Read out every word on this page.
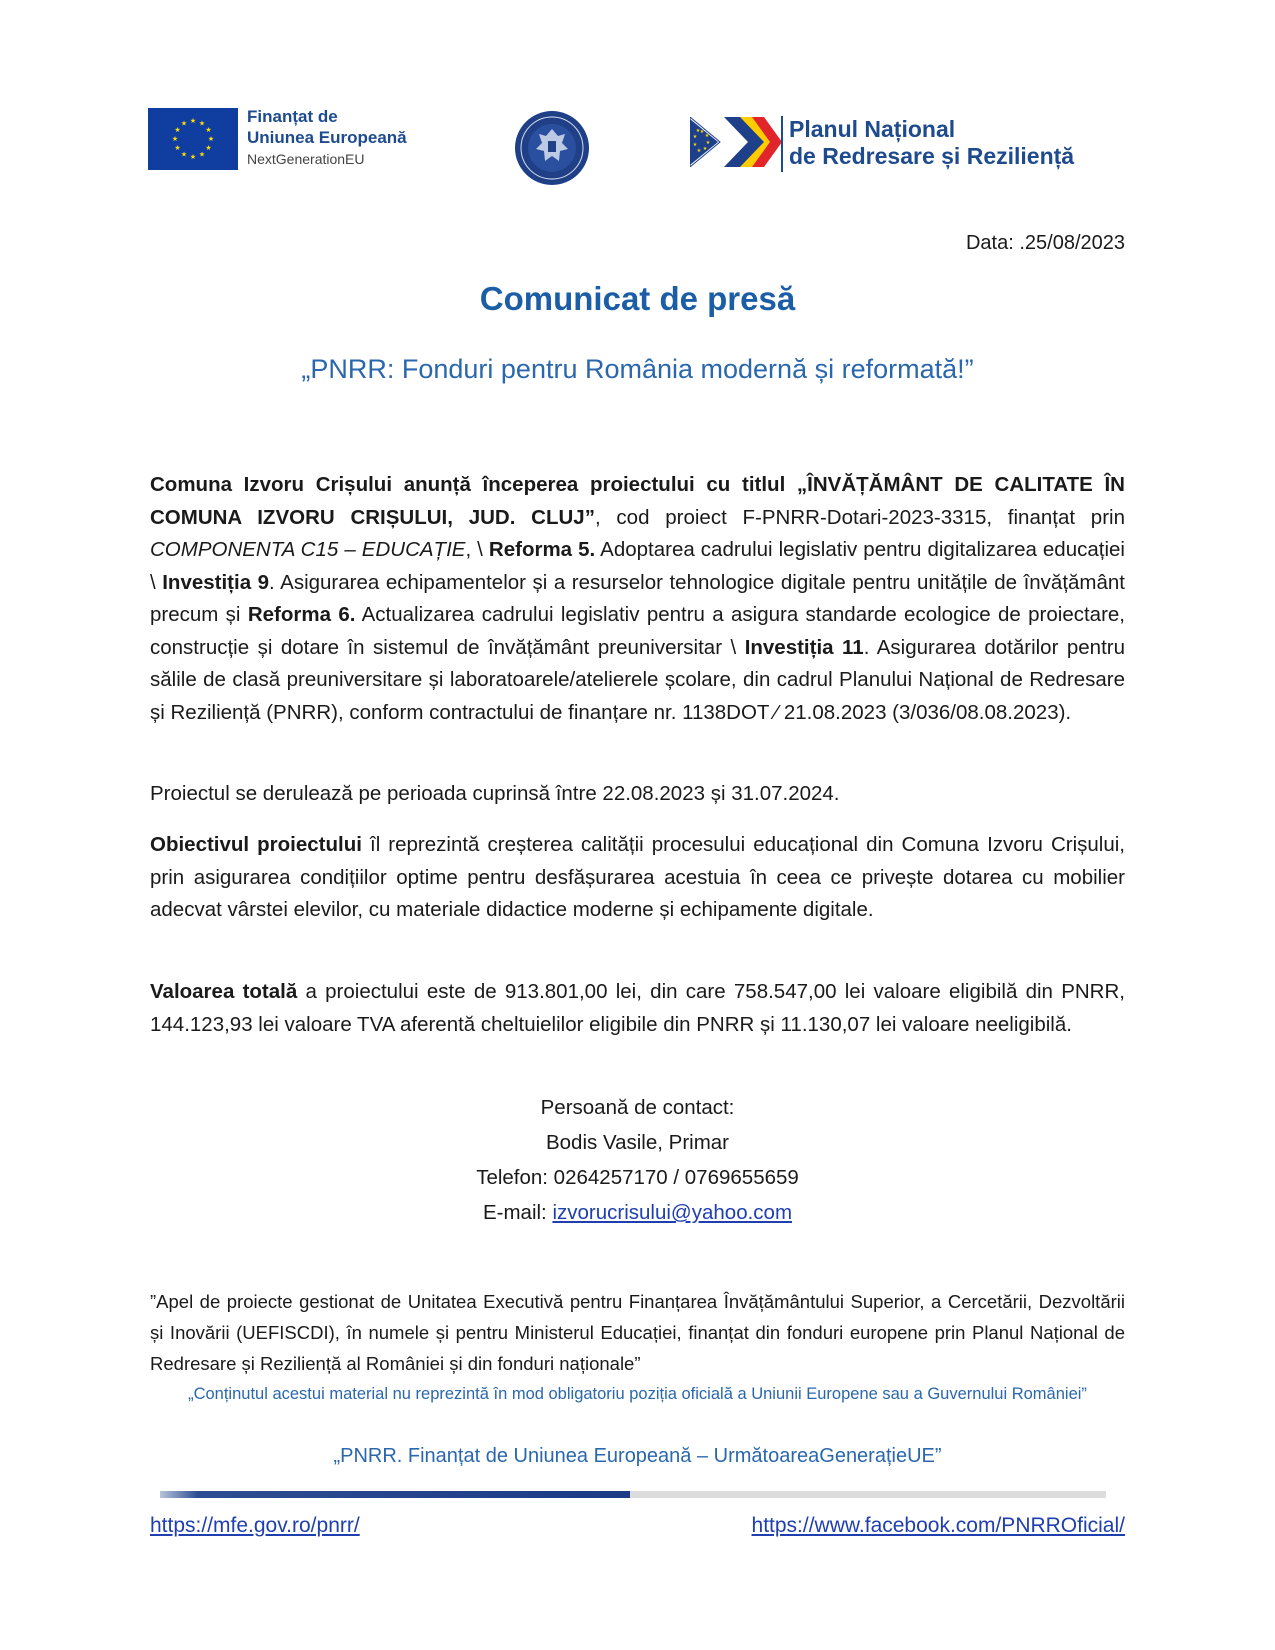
★ ★
★
★
★
★
★
★
★
★
★
★	Finanțat de
Uniunea Europeană
NextGenerationEU
★
★
★
★
★
★
★
★	Planul Național
de Redresare și Reziliență
Data: .25/08/2023
Comunicat de presă
„PNRR: Fonduri pentru România modernă și reformată!”

Comuna Izvoru Crișului anunță începerea proiectului cu titlul „ÎNVĂȚĂMÂNT DE CALITATE ÎN COMUNA IZVORU CRIȘULUI, JUD. CLUJ”, cod proiect F-PNRR-Dotari-2023-3315, finanțat prin COMPONENTA C15 – EDUCAȚIE, \ Reforma 5. Adoptarea cadrului legislativ pentru digitalizarea educației \ Investiția 9. Asigurarea echipamentelor și a resurselor tehnologice digitale pentru unitățile de învățământ precum și Reforma 6. Actualizarea cadrului legislativ pentru a asigura standarde ecologice de proiectare, construcție și dotare în sistemul de învățământ preuniversitar \ Investiția 11. Asigurarea dotărilor pentru sălile de clasă preuniversitare și laboratoarele/atelierele școlare, din cadrul Planului Național de Redresare și Reziliență (PNRR), conform contractului de finanțare nr. 1138DOT ⁄ 21.08.2023 (3/036/08.08.2023).

Proiectul se derulează pe perioada cuprinsă între 22.08.2023 și 31.07.2024.

Obiectivul proiectului îl reprezintă creșterea calității procesului educațional din Comuna Izvoru Crișului, prin asigurarea condițiilor optime pentru desfășurarea acestuia în ceea ce privește dotarea cu mobilier adecvat vârstei elevilor, cu materiale didactice moderne și echipamente digitale.

Valoarea totală a proiectului este de 913.801,00 lei, din care 758.547,00 lei valoare eligibilă din PNRR, 144.123,93 lei valoare TVA aferentă cheltuielilor eligibile din PNRR și 11.130,07 lei valoare neeligibilă.

Persoană de contact:
Bodis Vasile, Primar
Telefon: 0264257170 / 0769655659
E-mail: izvorucrisului@yahoo.com

”Apel de proiecte gestionat de Unitatea Executivă pentru Finanțarea Învățământului Superior, a Cercetării, Dezvoltării și Inovării (UEFISCDI), în numele și pentru Ministerul Educației, finanțat din fonduri europene prin Planul Național de Redresare și Reziliență al României și din fonduri naționale”

„Conținutul acestui material nu reprezintă în mod obligatoriu poziția oficială a Uniunii Europene sau a Guvernului României”

„PNRR. Finanțat de Uniunea Europeană – UrmătoareaGenerațieUE”
https://mfe.gov.ro/pnrr/	https://www.facebook.com/PNRROficial/
